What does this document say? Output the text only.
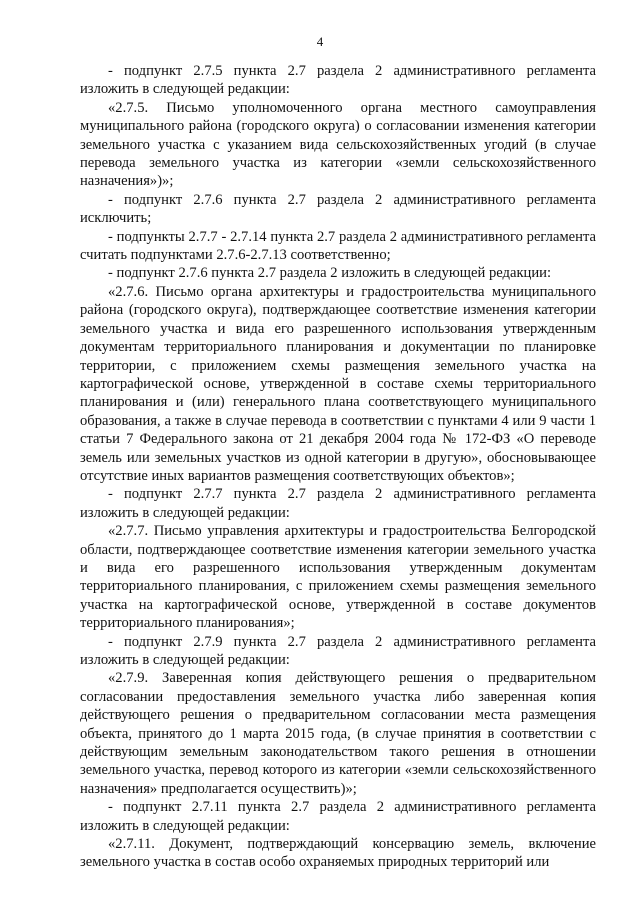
4

- подпункт 2.7.5 пункта 2.7 раздела 2 административного регламента изложить в следующей редакции:

«2.7.5. Письмо уполномоченного органа местного самоуправления муниципального района (городского округа) о согласовании изменения категории земельного участка с указанием вида сельскохозяйственных угодий (в случае перевода земельного участка из категории «земли сельскохозяйственного назначения»)»;

- подпункт 2.7.6 пункта 2.7 раздела 2 административного регламента исключить;

- подпункты 2.7.7 - 2.7.14 пункта 2.7 раздела 2 административного регламента считать подпунктами 2.7.6-2.7.13 соответственно;

- подпункт 2.7.6 пункта 2.7 раздела 2 изложить в следующей редакции:

«2.7.6. Письмо органа архитектуры и градостроительства муниципального района (городского округа), подтверждающее соответствие изменения категории земельного участка и вида его разрешенного использования утвержденным документам территориального планирования и документации по планировке территории, с приложением схемы размещения земельного участка на картографической основе, утвержденной в составе схемы территориального планирования и (или) генерального плана соответствующего муниципального образования, а также в случае перевода в соответствии с пунктами 4 или 9 части 1 статьи 7 Федерального закона от 21 декабря 2004 года № 172-ФЗ «О переводе земель или земельных участков из одной категории в другую», обосновывающее отсутствие иных вариантов размещения соответствующих объектов»;

- подпункт 2.7.7 пункта 2.7 раздела 2 административного регламента изложить в следующей редакции:

«2.7.7. Письмо управления архитектуры и градостроительства Белгородской области, подтверждающее соответствие изменения категории земельного участка и вида его разрешенного использования утвержденным документам территориального планирования, с приложением схемы размещения земельного участка на картографической основе, утвержденной в составе документов территориального планирования»;

- подпункт 2.7.9 пункта 2.7 раздела 2 административного регламента изложить в следующей редакции:

«2.7.9. Заверенная копия действующего решения о предварительном согласовании предоставления земельного участка либо заверенная копия действующего решения о предварительном согласовании места размещения объекта, принятого до 1 марта 2015 года, (в случае принятия в соответствии с действующим земельным законодательством такого решения в отношении земельного участка, перевод которого из категории «земли сельскохозяйственного назначения» предполагается осуществить)»;

- подпункт 2.7.11 пункта 2.7 раздела 2 административного регламента изложить в следующей редакции:

«2.7.11. Документ, подтверждающий консервацию земель, включение земельного участка в состав особо охраняемых природных территорий или
